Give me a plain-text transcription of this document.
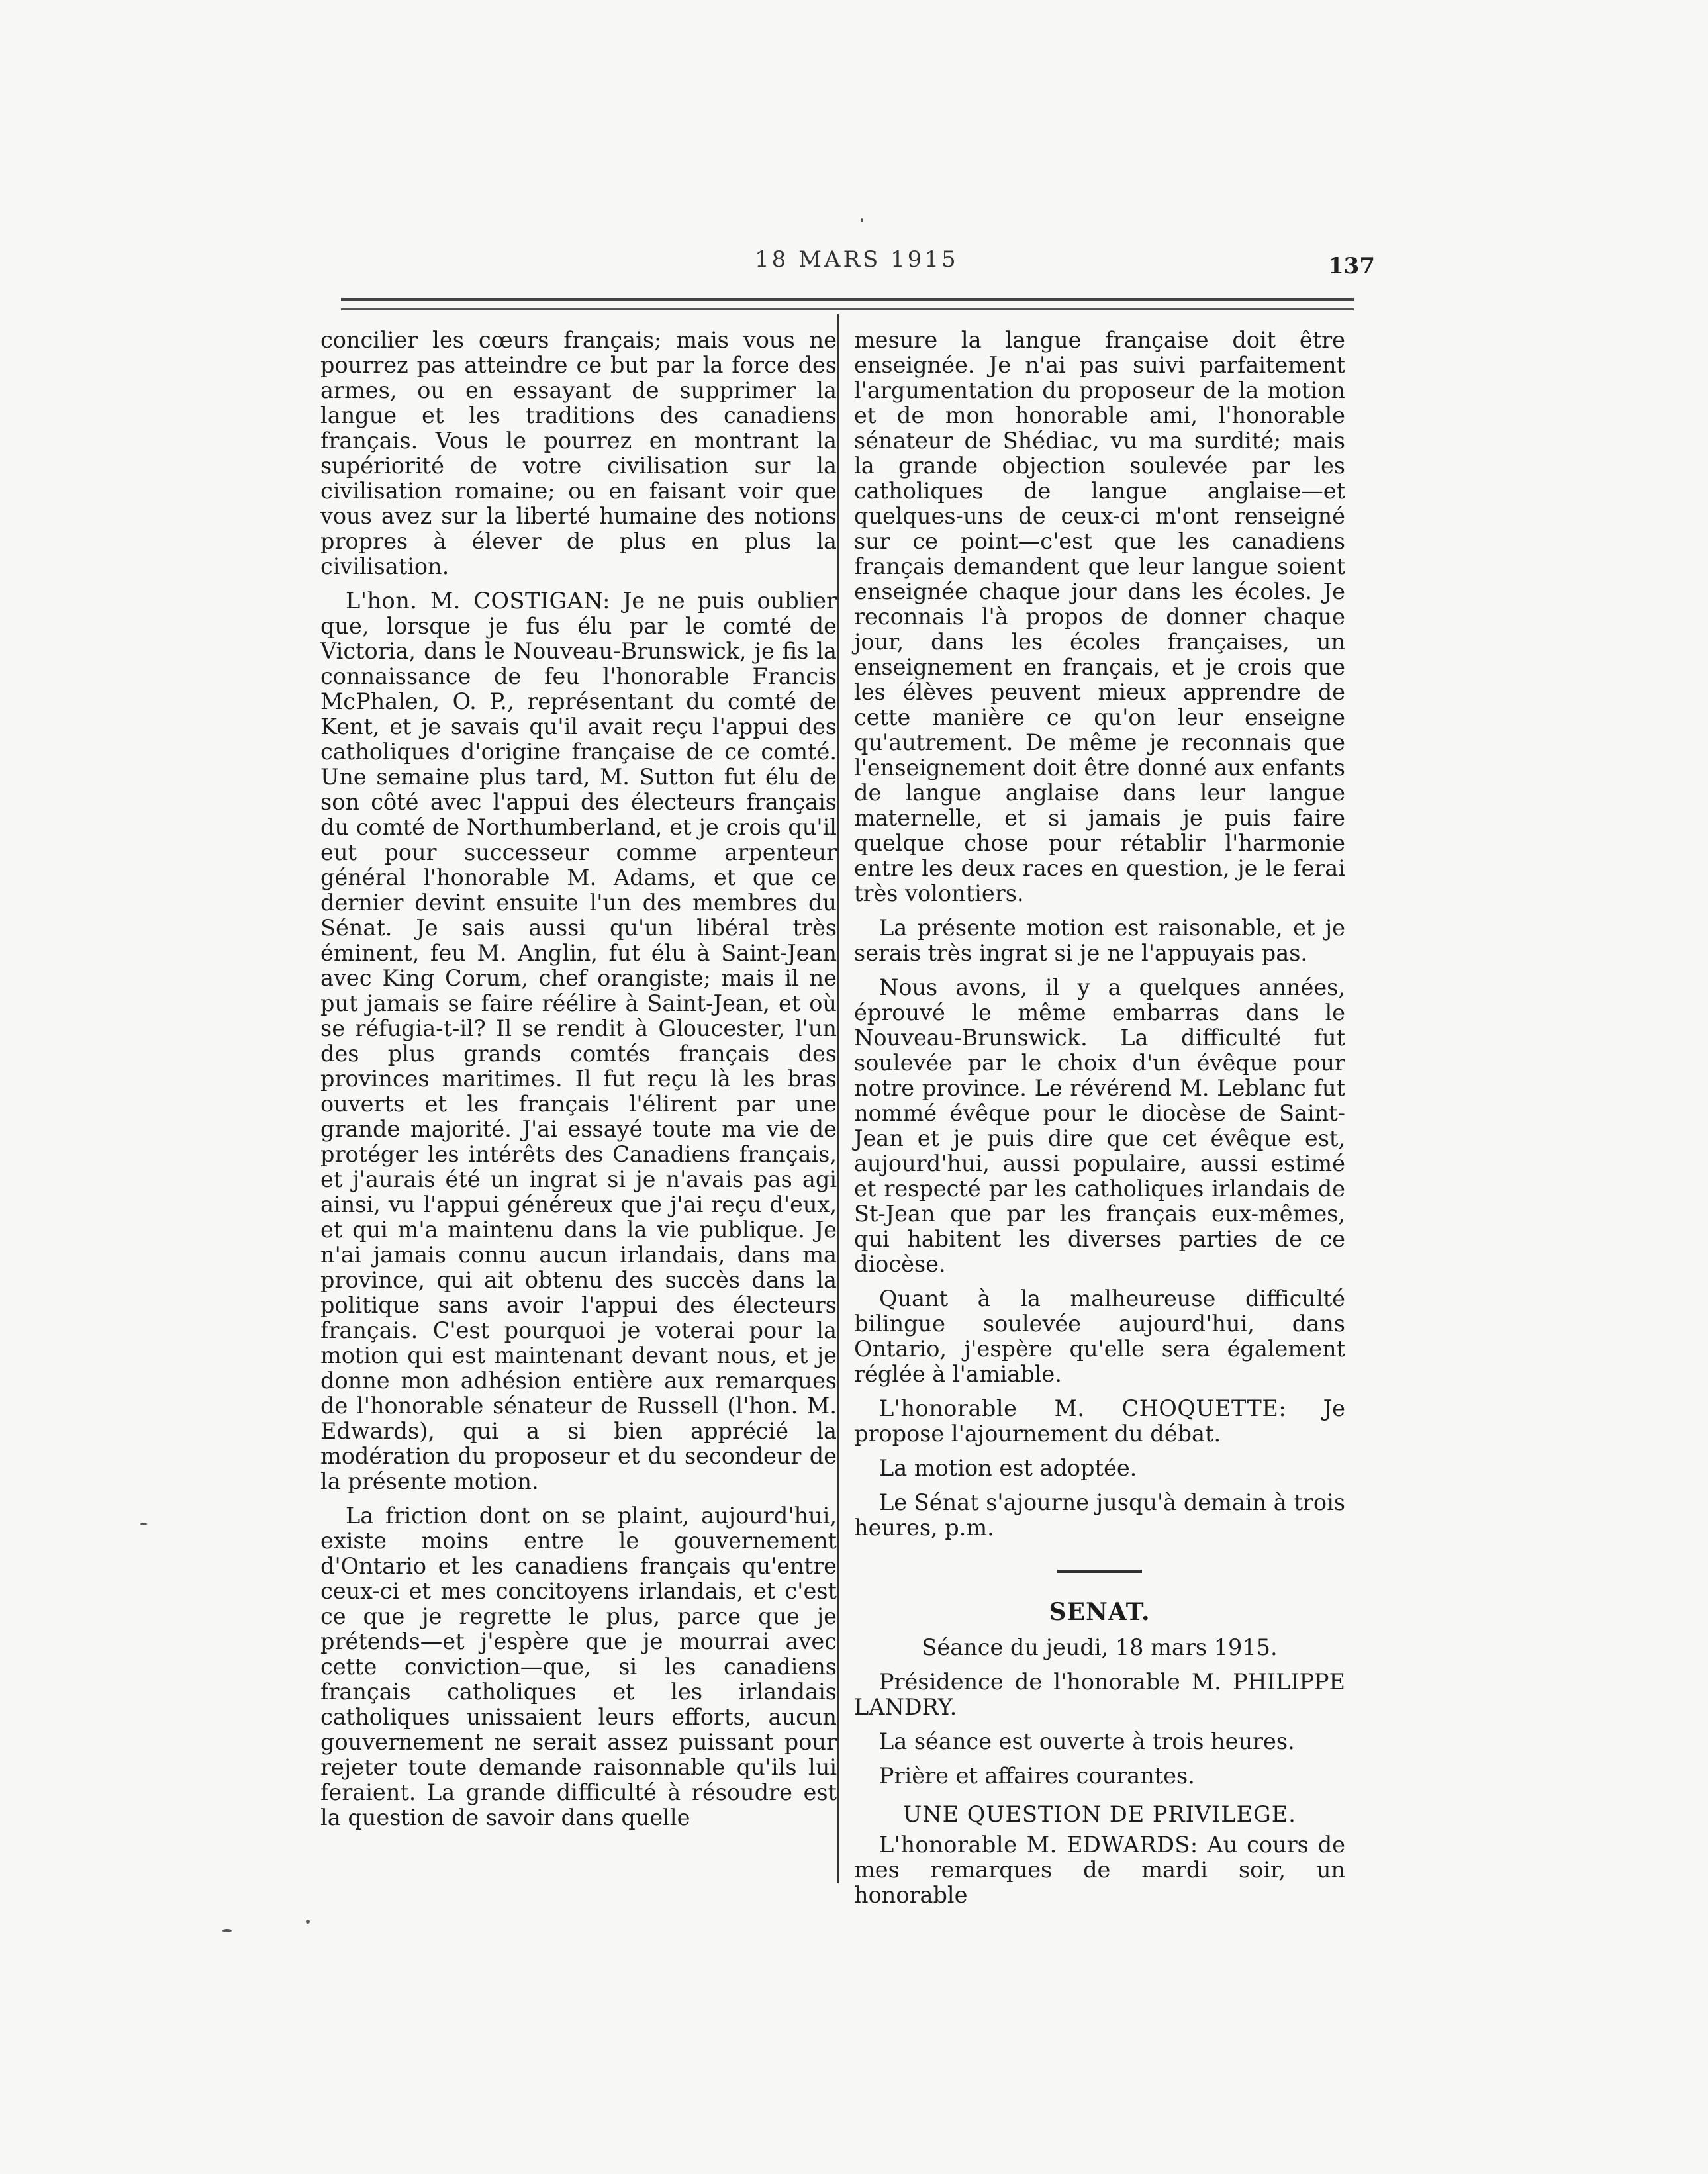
18 MARS 1915	137

concilier les cœurs français; mais vous ne pourrez pas atteindre ce but par la force des armes, ou en essayant de supprimer la langue et les traditions des canadiens français. Vous le pourrez en montrant la supériorité de votre civilisation sur la civilisation romaine; ou en faisant voir que vous avez sur la liberté humaine des notions propres à élever de plus en plus la civilisation.

L'hon. M. COSTIGAN: Je ne puis oublier que, lorsque je fus élu par le comté de Victoria, dans le Nouveau-Brunswick, je fis la connaissance de feu l'honorable Francis McPhalen, O. P., représentant du comté de Kent, et je savais qu'il avait reçu l'appui des catholiques d'origine française de ce comté. Une semaine plus tard, M. Sutton fut élu de son côté avec l'appui des électeurs français du comté de Northumberland, et je crois qu'il eut pour successeur comme arpenteur général l'honorable M. Adams, et que ce dernier devint ensuite l'un des membres du Sénat. Je sais aussi qu'un libéral très éminent, feu M. Anglin, fut élu à Saint-Jean avec King Corum, chef orangiste; mais il ne put jamais se faire réélire à Saint-Jean, et où se réfugia-t-il? Il se rendit à Gloucester, l'un des plus grands comtés français des provinces maritimes. Il fut reçu là les bras ouverts et les français l'élirent par une grande majorité. J'ai essayé toute ma vie de protéger les intérêts des Canadiens français, et j'aurais été un ingrat si je n'avais pas agi ainsi, vu l'appui généreux que j'ai reçu d'eux, et qui m'a maintenu dans la vie publique. Je n'ai jamais connu aucun irlandais, dans ma province, qui ait obtenu des succès dans la politique sans avoir l'appui des électeurs français. C'est pourquoi je voterai pour la motion qui est maintenant devant nous, et je donne mon adhésion entière aux remarques de l'honorable sénateur de Russell (l'hon. M. Edwards), qui a si bien apprécié la modération du proposeur et du secondeur de la présente motion.

La friction dont on se plaint, aujourd'hui, existe moins entre le gouvernement d'Ontario et les canadiens français qu'entre ceux-ci et mes concitoyens irlandais, et c'est ce que je regrette le plus, parce que je prétends—et j'espère que je mourrai avec cette conviction—que, si les canadiens français catholiques et les irlandais catholiques unissaient leurs efforts, aucun gouvernement ne serait assez puissant pour rejeter toute demande raisonnable qu'ils lui feraient. La grande difficulté à résoudre est la question de savoir dans quelle

mesure la langue française doit être enseignée. Je n'ai pas suivi parfaitement l'argumentation du proposeur de la motion et de mon honorable ami, l'honorable sénateur de Shédiac, vu ma surdité; mais la grande objection soulevée par les catholiques de langue anglaise—et quelques-uns de ceux-ci m'ont renseigné sur ce point—c'est que les canadiens français demandent que leur langue soient enseignée chaque jour dans les écoles. Je reconnais l'à propos de donner chaque jour, dans les écoles françaises, un enseignement en français, et je crois que les élèves peuvent mieux apprendre de cette manière ce qu'on leur enseigne qu'autrement. De même je reconnais que l'enseignement doit être donné aux enfants de langue anglaise dans leur langue maternelle, et si jamais je puis faire quelque chose pour rétablir l'harmonie entre les deux races en question, je le ferai très volontiers.

La présente motion est raisonable, et je serais très ingrat si je ne l'appuyais pas.

Nous avons, il y a quelques années, éprouvé le même embarras dans le Nouveau-Brunswick. La difficulté fut soulevée par le choix d'un évêque pour notre province. Le révérend M. Leblanc fut nommé évêque pour le diocèse de Saint-Jean et je puis dire que cet évêque est, aujourd'hui, aussi populaire, aussi estimé et respecté par les catholiques irlandais de St-Jean que par les français eux-mêmes, qui habitent les diverses parties de ce diocèse.

Quant à la malheureuse difficulté bilingue soulevée aujourd'hui, dans Ontario, j'espère qu'elle sera également réglée à l'amiable.

L'honorable M. CHOQUETTE: Je propose l'ajournement du débat.

La motion est adoptée.

Le Sénat s'ajourne jusqu'à demain à trois heures, p.m.

SENAT.

Séance du jeudi, 18 mars 1915.

Présidence de l'honorable M. PHILIPPE LANDRY.

La séance est ouverte à trois heures.

Prière et affaires courantes.

UNE QUESTION DE PRIVILEGE.

L'honorable M. EDWARDS: Au cours de mes remarques de mardi soir, un honorable
